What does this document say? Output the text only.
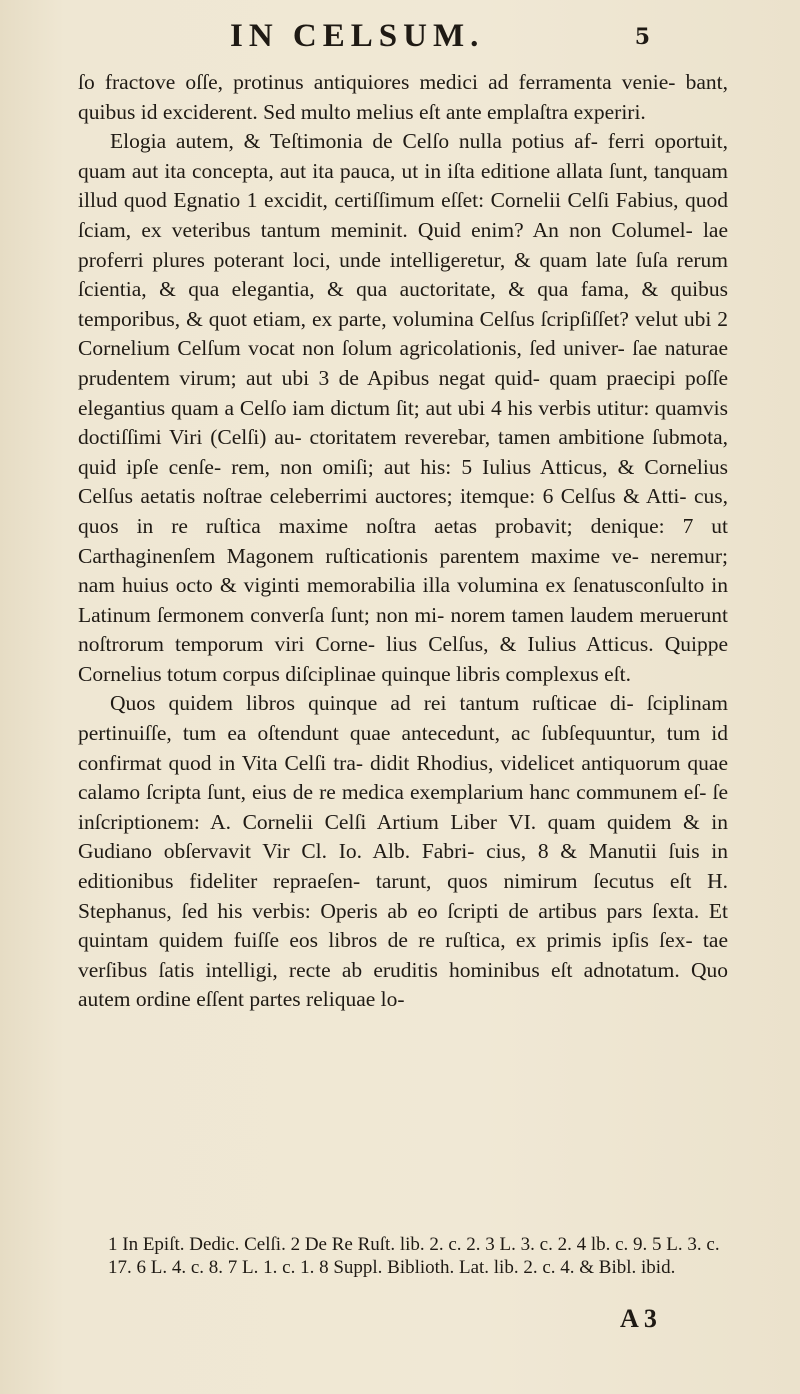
IN CELSUM.	5

ſo fractove oſſe, protinus antiquiores medici ad ferramenta venie- bant, quibus id exciderent. Sed multo melius eſt ante emplaſtra experiri.

Elogia autem, & Teſtimonia de Celſo nulla potius af- ferri oportuit, quam aut ita concepta, aut ita pauca, ut in iſta editione allata ſunt, tanquam illud quod Egnatio 1 excidit, certiſſimum eſſet: Cornelii Celſi Fabius, quod ſciam, ex veteribus tantum meminit. Quid enim? An non Columel- lae proferri plures poterant loci, unde intelligeretur, & quam late ſuſa rerum ſcientia, & qua elegantia, & qua auctoritate, & qua fama, & quibus temporibus, & quot etiam, ex parte, volumina Celſus ſcripſiſſet? velut ubi 2 Cornelium Celſum vocat non ſolum agricolationis, ſed univer- ſae naturae prudentem virum; aut ubi 3 de Apibus negat quid- quam praecipi poſſe elegantius quam a Celſo iam dictum ſit; aut ubi 4 his verbis utitur: quamvis doctiſſimi Viri (Celſi) au- ctoritatem reverebar, tamen ambitione ſubmota, quid ipſe cenſe- rem, non omiſi; aut his: 5 Iulius Atticus, & Cornelius Celſus aetatis noſtrae celeberrimi auctores; itemque: 6 Celſus & Atti- cus, quos in re ruſtica maxime noſtra aetas probavit; denique: 7 ut Carthaginenſem Magonem ruſticationis parentem maxime ve- neremur; nam huius octo & viginti memorabilia illa volumina ex ſenatusconſulto in Latinum ſermonem converſa ſunt; non mi- norem tamen laudem meruerunt noſtrorum temporum viri Corne- lius Celſus, & Iulius Atticus. Quippe Cornelius totum corpus diſciplinae quinque libris complexus eſt.

Quos quidem libros quinque ad rei tantum ruſticae di- ſciplinam pertinuiſſe, tum ea oſtendunt quae antecedunt, ac ſubſequuntur, tum id confirmat quod in Vita Celſi tra- didit Rhodius, videlicet antiquorum quae calamo ſcripta ſunt, eius de re medica exemplarium hanc communem eſ- ſe inſcriptionem: A. Cornelii Celſi Artium Liber VI. quam quidem & in Gudiano obſervavit Vir Cl. Io. Alb. Fabri- cius, 8 & Manutii ſuis in editionibus fideliter repraeſen- tarunt, quos nimirum ſecutus eſt H. Stephanus, ſed his verbis: Operis ab eo ſcripti de artibus pars ſexta. Et quintam quidem fuiſſe eos libros de re ruſtica, ex primis ipſis ſex- tae verſibus ſatis intelligi, recte ab eruditis hominibus eſt adnotatum. Quo autem ordine eſſent partes reliquae lo-

1 In Epiſt. Dedic. Celſi. 2 De Re Ruſt. lib. 2. c. 2. 3 L. 3. c. 2. 4 lb. c. 9. 5 L. 3. c. 17. 6 L. 4. c. 8. 7 L. 1. c. 1. 8 Suppl. Biblioth. Lat. lib. 2. c. 4. & Bibl. ibid.

A 3
